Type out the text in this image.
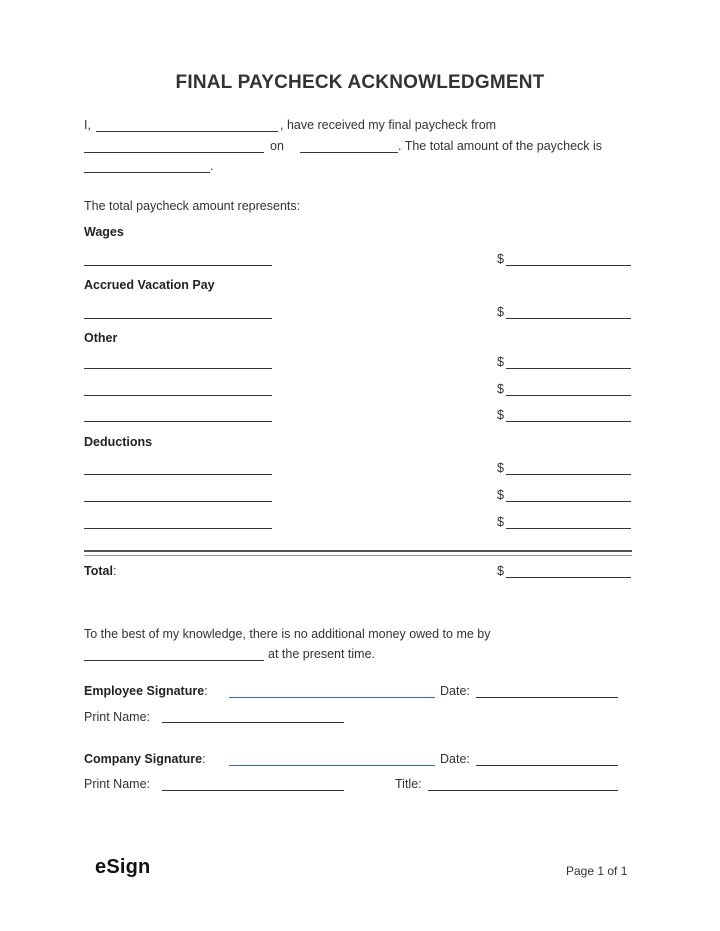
FINAL PAYCHECK ACKNOWLEDGMENT
I,	, have received my final paycheck from
on	. The total amount of the paycheck is
.
The total paycheck amount represents:
Wages
$
Accrued Vacation Pay
$
Other
$
$
$
Deductions
$
$
$
Total:	$
To the best of my knowledge, there is no additional money owed to me by
at the present time.
Employee Signature:	Date:
Print Name:
Company Signature:	Date:
Print Name:	Title:
eSign	Page 1 of 1
